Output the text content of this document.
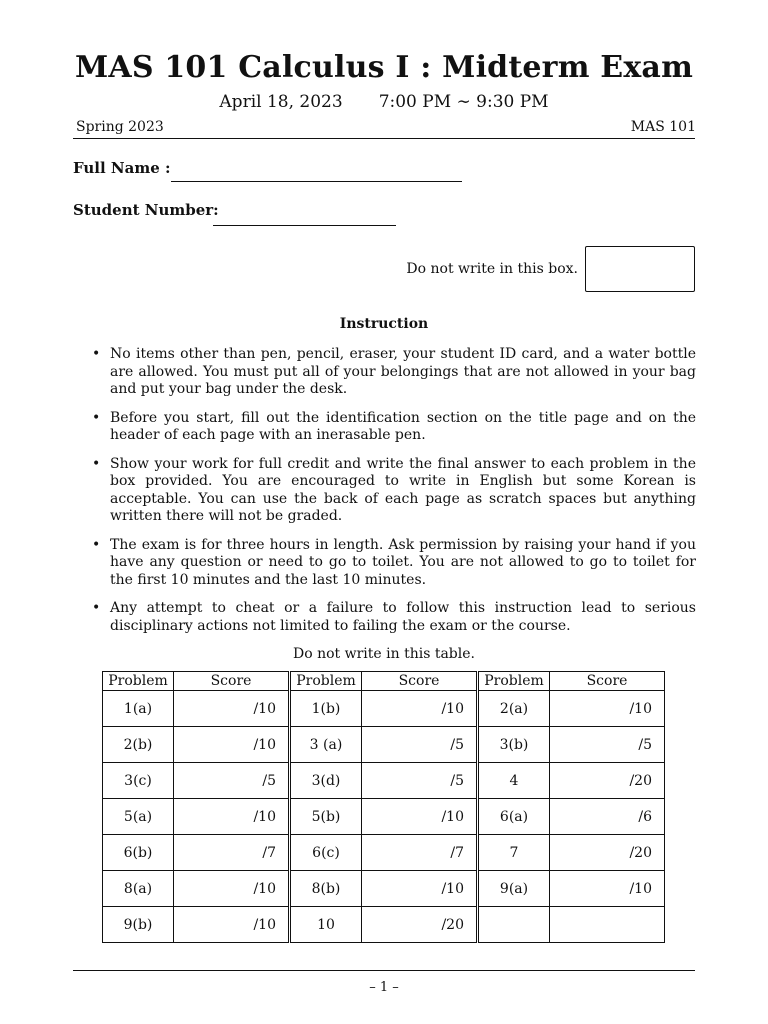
MAS 101 Calculus I : Midterm Exam
April 18, 2023 7:00 PM ∼ 9:30 PM
Spring 2023	MAS 101
Full Name :
Student Number:
Do not write in this box.
Instruction
• No items other than pen, pencil, eraser, your student ID card, and a water bottle are allowed. You must put all of your belongings that are not allowed in your bag and put your bag under the desk.
• Before you start, fill out the identification section on the title page and on the header of each page with an inerasable pen.
• Show your work for full credit and write the final answer to each problem in the box provided. You are encouraged to write in English but some Korean is acceptable. You can use the back of each page as scratch spaces but anything written there will not be graded.
• The exam is for three hours in length. Ask permission by raising your hand if you have any question or need to go to toilet. You are not allowed to go to toilet for the first 10 minutes and the last 10 minutes.
• Any attempt to cheat or a failure to follow this instruction lead to serious disciplinary actions not limited to failing the exam or the course.
Do not write in this table.
Problem	Score	Problem	Score	Problem	Score
1(a)	/10	1(b)	/10	2(a)	/10
2(b)	/10	3 (a)	/5	3(b)	/5
3(c)	/5	3(d)	/5	4	/20
5(a)	/10	5(b)	/10	6(a)	/6
6(b)	/7	6(c)	/7	7	/20
8(a)	/10	8(b)	/10	9(a)	/10
9(b)	/10	10	/20		
– 1 –
